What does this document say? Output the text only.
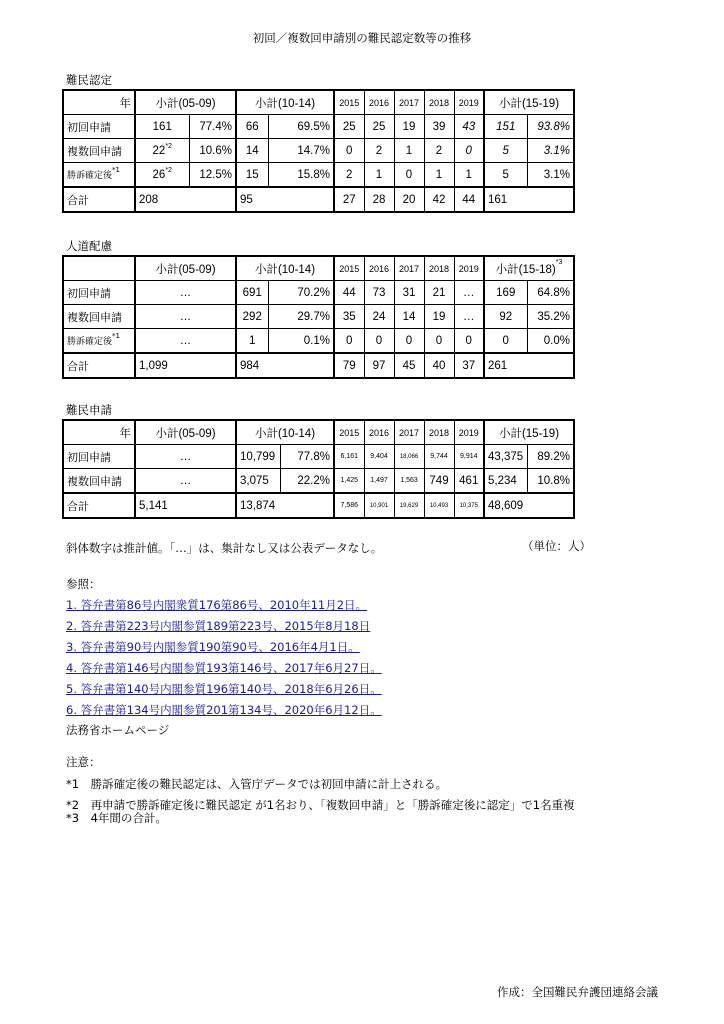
初回／複数回申請別の難民認定数等の推移
難民認定
年	小計(05-09)		小計(10-14)		2015	2016	2017	2018	2019	小計(15-19)	
初回申請	161	77.4%	66	69.5%	25	25	19	39	43	151	93.8%
複数回申請	22$^{*2}$	10.6%	14	14.7%	0	2	1	2	0	5	3.1%
勝訴確定後$^{*1}$	26$^{*2}$	12.5%	15	15.8%	2	1	0	1	1	5	3.1%
合計	208		95		27	28	20	42	44	161	
人道配慮
	小計(05-09)	小計(10-14)		2015	2016	2017	2018	2019	小計$(15-18)^{*3}$
初回申請	…	691	70.2%	44	73	31	21	…	169	64.8%
複数回申請	…	292	29.7%	35	24	14	19	…	92	35.2%
勝訴確定後$^{*1}$	…	1	0.1%	0	0	0	0	0	0	0.0%
合計	1,099	984		79	97	45	40	37	261	
難民申請
年	小計(05-09)	小計(10-14)		2015	2016	2017	2018	2019	小計(15-19)	
初回申請	…	10,799	77.8%	6,161	9,404	18,066	9,744	9,914	43,375	89.2%
複数回申請	…	3,075	22.2%	1,425	1,497	1,563	749	461	5,234	10.8%
合計	5,141	13,874		7,586	10,901	19,629	10,493	10,375	48,609	
斜体数字は推計値。「…」は、集計なし又は公表データなし。	（単位：人）
参照：
1. 答弁書第86号内閣衆質176第86号、2010年11月2日。
2. 答弁書第223号内閣参質189第223号、2015年8月18日
3. 答弁書第90号内閣参質190第90号、2016年4月1日。
4. 答弁書第146号内閣参質193第146号、2017年6月27日。
5. 答弁書第140号内閣参質196第140号、2018年6月26日。
6. 答弁書第134号内閣参質201第134号、2020年6月12日。
法務省ホームページ
注意：
*1　勝訴確定後の難民認定は、入管庁データでは初回申請に計上される。
*2　再申請で勝訴確定後に難民認定 が1名おり、「複数回申請」と「勝訴確定後に認定」で1名重複
*3　4年間の合計。
作成：全国難民弁護団連絡会議
